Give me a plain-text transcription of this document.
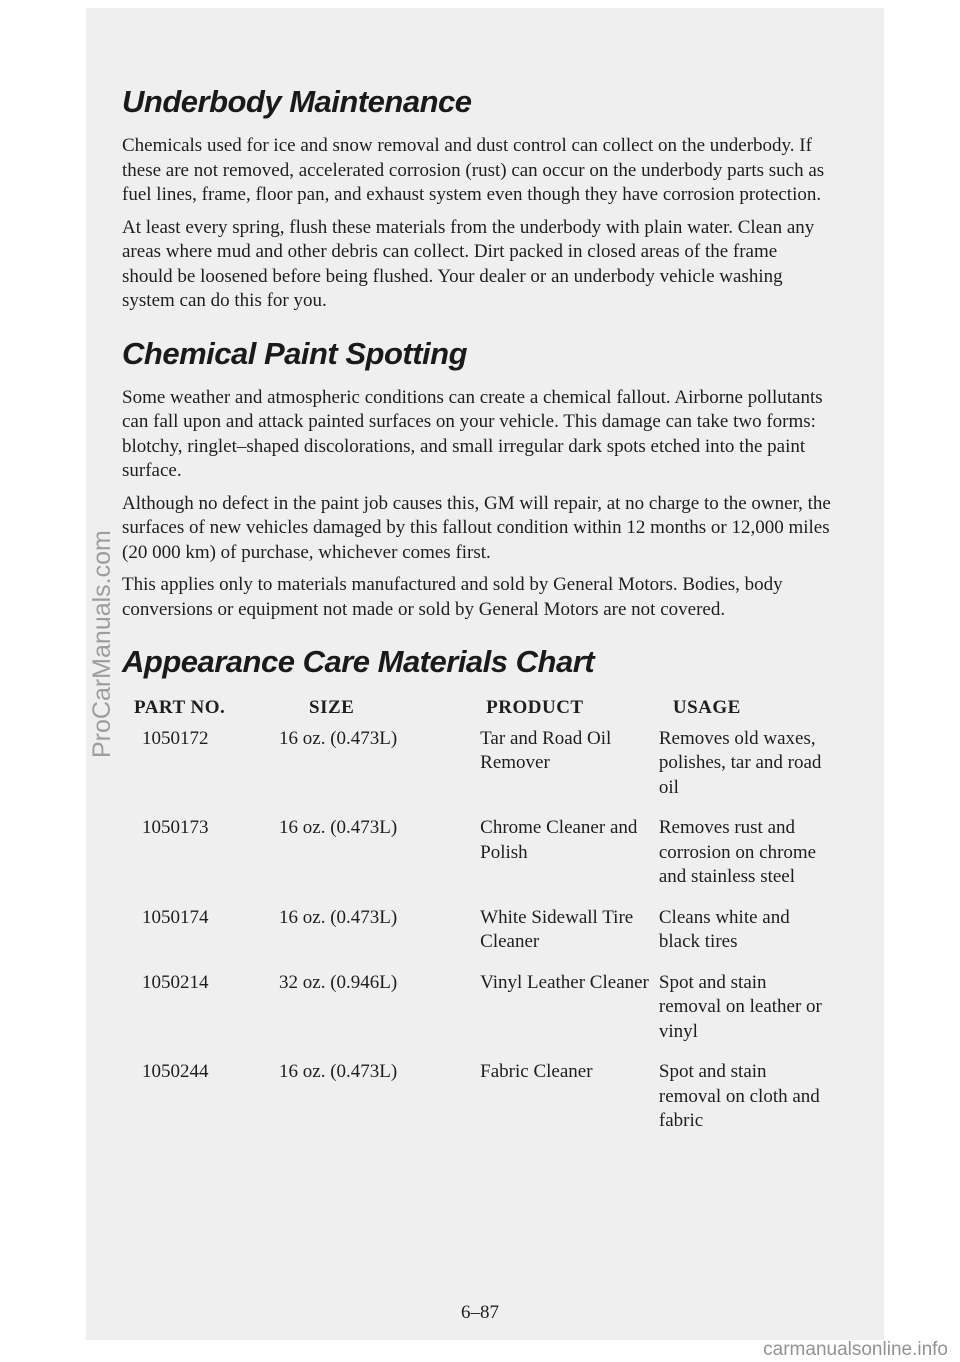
Underbody Maintenance

Chemicals used for ice and snow removal and dust control can collect on the underbody. If these are not removed, accelerated corrosion (rust) can occur on the underbody parts such as fuel lines, frame, floor pan, and exhaust system even though they have corrosion protection.

At least every spring, flush these materials from the underbody with plain water. Clean any areas where mud and other debris can collect. Dirt packed in closed areas of the frame should be loosened before being flushed. Your dealer or an underbody vehicle washing system can do this for you.

Chemical Paint Spotting

Some weather and atmospheric conditions can create a chemical fallout. Airborne pollutants can fall upon and attack painted surfaces on your vehicle. This damage can take two forms: blotchy, ringlet–shaped discolorations, and small irregular dark spots etched into the paint surface.

Although no defect in the paint job causes this, GM will repair, at no charge to the owner, the surfaces of new vehicles damaged by this fallout condition within 12 months or 12,000 miles (20 000 km) of purchase, whichever comes first.

This applies only to materials manufactured and sold by General Motors. Bodies, body conversions or equipment not made or sold by General Motors are not covered.

Appearance Care Materials Chart
PART NO.	SIZE	PRODUCT	USAGE
1050172	16 oz. (0.473L)	Tar and Road Oil Remover	Removes old waxes, polishes, tar and road oil
1050173	16 oz. (0.473L)	Chrome Cleaner and Polish	Removes rust and corrosion on chrome and stainless steel
1050174	16 oz. (0.473L)	White Sidewall Tire Cleaner	Cleans white and black tires
1050214	32 oz. (0.946L)	Vinyl Leather Cleaner	Spot and stain removal on leather or vinyl
1050244	16 oz. (0.473L)	Fabric Cleaner	Spot and stain removal on cloth and fabric
6–87
ProCarManuals.com
carmanualsonline.info
